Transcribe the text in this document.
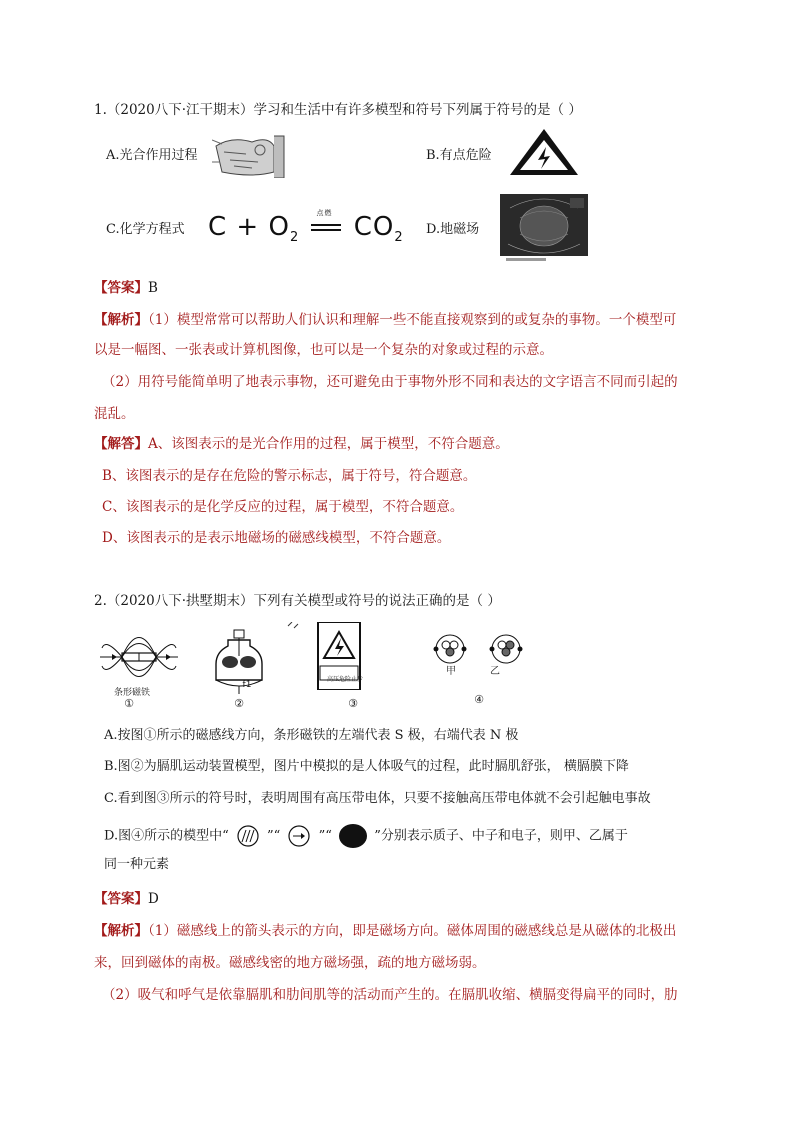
1.（2020八下·江干期末）学习和生活中有许多模型和符号下列属于符号的是（ ）
A.光合作用过程	B.有点危险
C.化学方程式 $C + O_2$
点燃 $CO_2$
D.地磁场
【答案】B
【解析】（1）模型常常可以帮助人们认识和理解一些不能直接观察到的或复杂的事物。一个模型可
以是一幅图、一张表或计算机图像，也可以是一个复杂的对象或过程的示意。
（2）用符号能简单明了地表示事物，还可避免由于事物外形不同和表达的文字语言不同而引起的
混乱。
【解答】A、该图表示的是光合作用的过程，属于模型，不符合题意。
B、该图表示的是存在危险的警示标志，属于符号，符合题意。
C、该图表示的是化学反应的过程，属于模型，不符合题意。
D、该图表示的是表示地磁场的磁感线模型，不符合题意。
2.（2020八下·拱墅期末）下列有关模型或符号的说法正确的是（ ）
条形磁铁
①
f1
②
高压危险止步
③
甲	乙
④
A.按图①所示的磁感线方向，条形磁铁的左端代表 S 极，右端代表 N 极
B.图②为膈肌运动装置模型，图片中模拟的是人体吸气的过程，此时膈肌舒张， 横膈膜下降
C.看到图③所示的符号时，表明周围有高压带电体，只要不接触高压带电体就不会引起触电事故
D.图④所示的模型中“	”“	”“	”分别表示质子、中子和电子，则甲、乙属于
同一种元素
【答案】D
【解析】（1）磁感线上的箭头表示的方向，即是磁场方向。磁体周围的磁感线总是从磁体的北极出
来，回到磁体的南极。磁感线密的地方磁场强，疏的地方磁场弱。
（2）吸气和呼气是依靠膈肌和肋间肌等的活动而产生的。在膈肌收缩、横膈变得扁平的同时，肋
